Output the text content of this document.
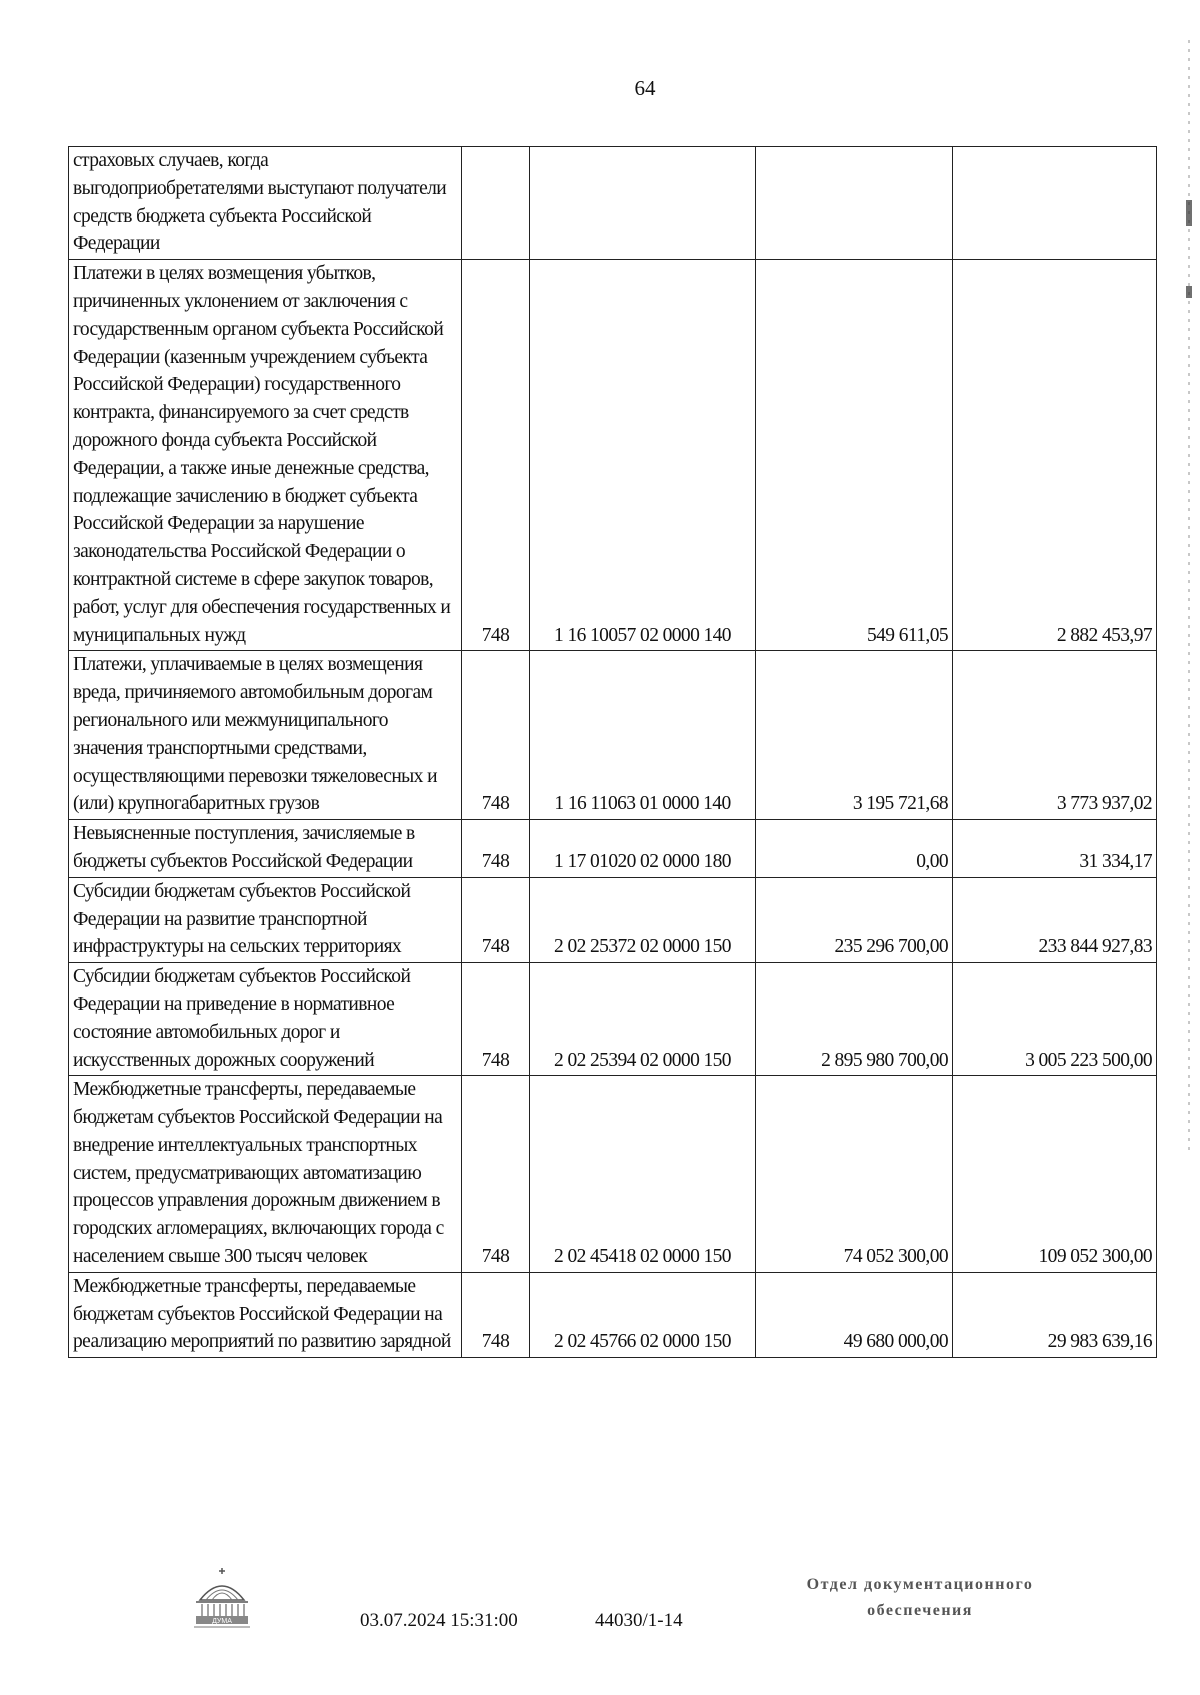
64
страховых случаев, когда выгодоприобретателями выступают получатели средств бюджета субъекта Российской Федерации				
Платежи в целях возмещения убытков, причиненных уклонением от заключения с государственным органом субъекта Российской Федерации (казенным учреждением субъекта Российской Федерации) государственного контракта, финансируемого за счет средств дорожного фонда субъекта Российской Федерации, а также иные денежные средства, подлежащие зачислению в бюджет субъекта Российской Федерации за нарушение законодательства Российской Федерации о контрактной системе в сфере закупок товаров, работ, услуг для обеспечения государственных и муниципальных нужд	748	1 16 10057 02 0000 140	549 611,05	2 882 453,97
Платежи, уплачиваемые в целях возмещения вреда, причиняемого автомобильным дорогам регионального или межмуниципального значения транспортными средствами, осуществляющими перевозки тяжеловесных и (или) крупногабаритных грузов	748	1 16 11063 01 0000 140	3 195 721,68	3 773 937,02
Невыясненные поступления, зачисляемые в бюджеты субъектов Российской Федерации	748	1 17 01020 02 0000 180	0,00	31 334,17
Субсидии бюджетам субъектов Российской Федерации на развитие транспортной инфраструктуры на сельских территориях	748	2 02 25372 02 0000 150	235 296 700,00	233 844 927,83
Субсидии бюджетам субъектов Российской Федерации на приведение в нормативное состояние автомобильных дорог и искусственных дорожных сооружений	748	2 02 25394 02 0000 150	2 895 980 700,00	3 005 223 500,00
Межбюджетные трансферты, передаваемые бюджетам субъектов Российской Федерации на внедрение интеллектуальных транспортных систем, предусматривающих автоматизацию процессов управления дорожным движением в городских агломерациях, включающих города с населением свыше 300 тысяч человек	748	2 02 45418 02 0000 150	74 052 300,00	109 052 300,00
Межбюджетные трансферты, передаваемые бюджетам субъектов Российской Федерации на реализацию мероприятий по развитию зарядной	748	2 02 45766 02 0000 150	49 680 000,00	29 983 639,16
ДУМА	03.07.2024 15:31:00	44030/1-14
Отдел документационного
обеспечения
